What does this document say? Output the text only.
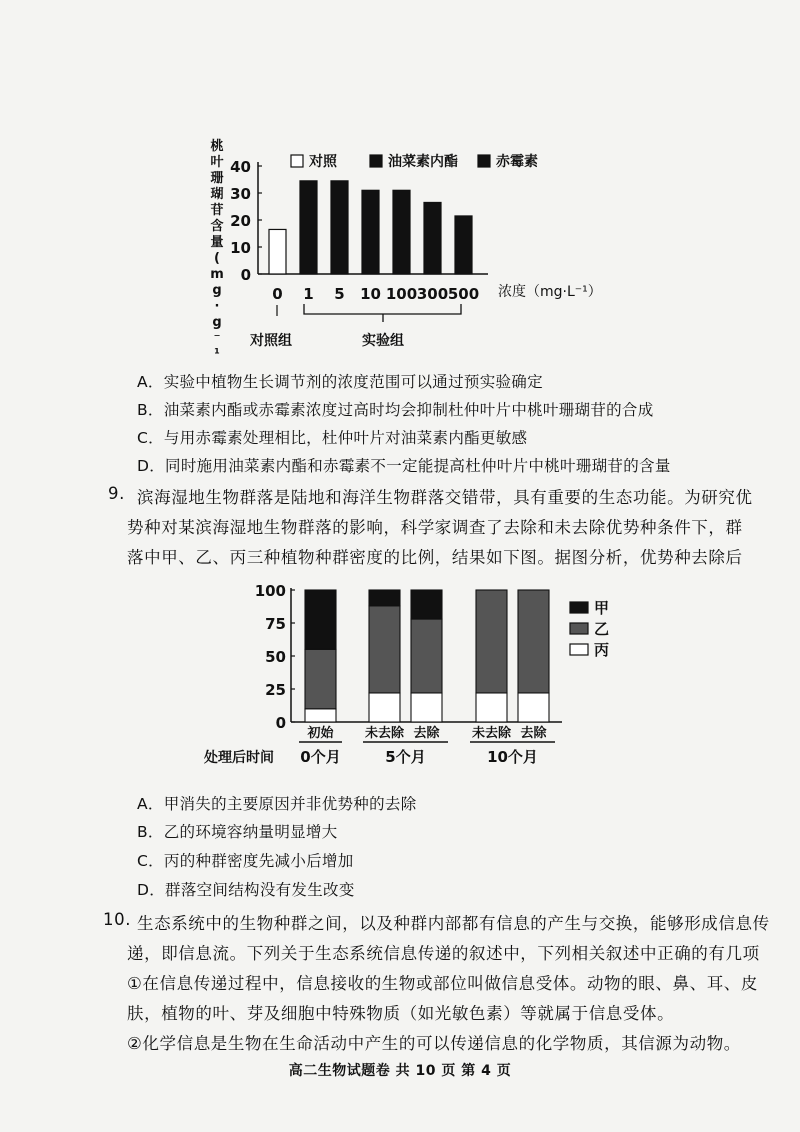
桃
叶
珊
瑚
苷
含
量
(
m
g
·
g
⁻
¹
0
10
20
30
40
0 1 5 10 100 300 500 浓度（mg·L⁻¹）
对照	油菜素内酯	赤霉素
对照组	实验组
A．实验中植物生长调节剂的浓度范围可以通过预实验确定
B．油菜素内酯或赤霉素浓度过高时均会抑制杜仲叶片中桃叶珊瑚苷的合成
C．与用赤霉素处理相比，杜仲叶片对油菜素内酯更敏感
D．同时施用油菜素内酯和赤霉素不一定能提高杜仲叶片中桃叶珊瑚苷的含量
9. 滨海湿地生物群落是陆地和海洋生物群落交错带，具有重要的生态功能。为研究优
势种对某滨海湿地生物群落的影响，科学家调查了去除和未去除优势种条件下，群
落中甲、乙、丙三种植物种群密度的比例，结果如下图。据图分析，优势种去除后
0
25
50
75
100
初始 未去除 去除 未去除 去除
0个月	5个月	10个月
处理后时间
甲
乙
丙
A．甲消失的主要原因并非优势种的去除
B．乙的环境容纳量明显增大
C．丙的种群密度先减小后增加
D．群落空间结构没有发生改变
10. 生态系统中的生物种群之间，以及种群内部都有信息的产生与交换，能够形成信息传
递，即信息流。下列关于生态系统信息传递的叙述中，下列相关叙述中正确的有几项
①在信息传递过程中，信息接收的生物或部位叫做信息受体。动物的眼、鼻、耳、皮
肤，植物的叶、芽及细胞中特殊物质（如光敏色素）等就属于信息受体。
②化学信息是生物在生命活动中产生的可以传递信息的化学物质，其信源为动物。
高二生物试题卷 共 10 页 第 4 页
